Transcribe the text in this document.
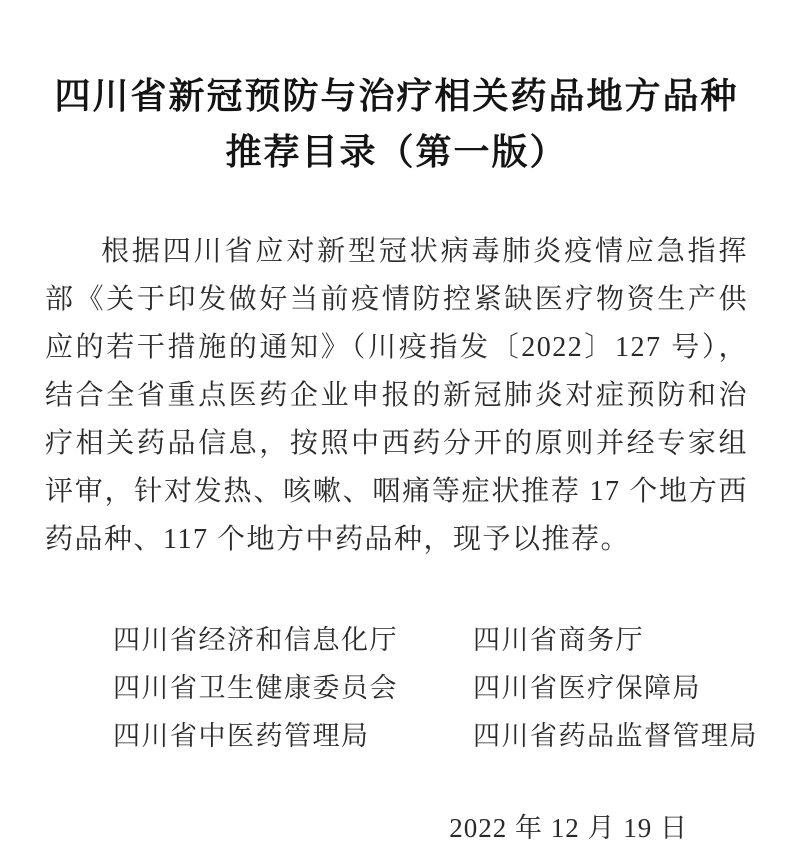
四川省新冠预防与治疗相关药品地方品种
推荐目录（第一版）

根据四川省应对新型冠状病毒肺炎疫情应急指挥部《关于印发做好当前疫情防控紧缺医疗物资生产供应的若干措施的通知》（川疫指发〔2022〕127 号），结合全省重点医药企业申报的新冠肺炎对症预防和治疗相关药品信息，按照中西药分开的原则并经专家组评审，针对发热、咳嗽、咽痛等症状推荐 17 个地方西药品种、117 个地方中药品种，现予以推荐。

四川省经济和信息化厅
四川省卫生健康委员会
四川省中医药管理局
四川省商务厅
四川省医疗保障局
四川省药品监督管理局
2022 年 12 月 19 日
